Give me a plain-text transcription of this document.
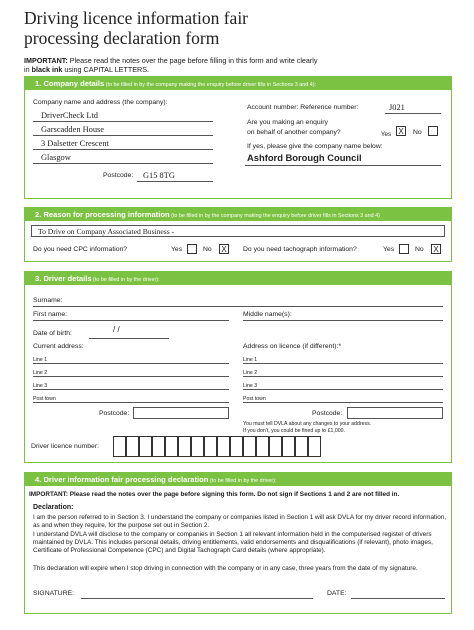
Driving licence information fair
processing declaration form
IMPORTANT: Please read the notes over the page before filling in this form and write clearly
in black ink using CAPITAL LETTERS.
1. Company details (to be filled in by the company making the enquiry before driver fills in Sections 3 and 4):
Company name and address (the company):
DriverCheck Ltd
Garscadden House
3 Dalsetter Crescent
Glasgow
Postcode: G15 8TG
Account number: Reference number:	J021
Are you making an enquiry
on behalf of another company?	Yes X	No
If yes, please give the company name below:
Ashford Borough Council
2. Reason for processing information (to be filled in by the company making the enquiry before driver fills in Sections 3 and 4)
To Drive on Company Associated Business -
Do you need CPC information?	Yes	No X	Do you need tachograph information?	Yes	No X
3. Driver details (to be filled in by the driver):
Surname:
First name:	Middle name(s):
Date of birth:	/ /
Current address:
Line 1
Line 2
Line 3
Post town
Postcode:
Address on licence (if different):*
Line 1
Line 2
Line 3
Post town
Postcode:
You must tell DVLA about any changes to your address.
If you don't, you could be fined up to £1,000.
Driver licence number:
4. Driver information fair processing declaration (to be filled in by the driver):
IMPORTANT: Please read the notes over the page before signing this form. Do not sign if Sections 1 and 2 are not filled in.
Declaration:
I am the person referred to in Section 3. I understand the company or companies listed in Section 1 will ask DVLA for my driver record information, as and when they require, for the purpose set out in Section 2.
I understand DVLA will disclose to the company or companies in Section 1 all relevant information held in the computerised register of drivers maintained by DVLA. This includes personal details, driving entitlements, valid endorsements and disqualifications (if relevant), photo images, Certificate of Professional Competence (CPC) and Digital Tachograph Card details (where appropriate).
This declaration will expire when I stop driving in connection with the company or in any case, three years from the date of my signature.
SIGNATURE:	DATE:
